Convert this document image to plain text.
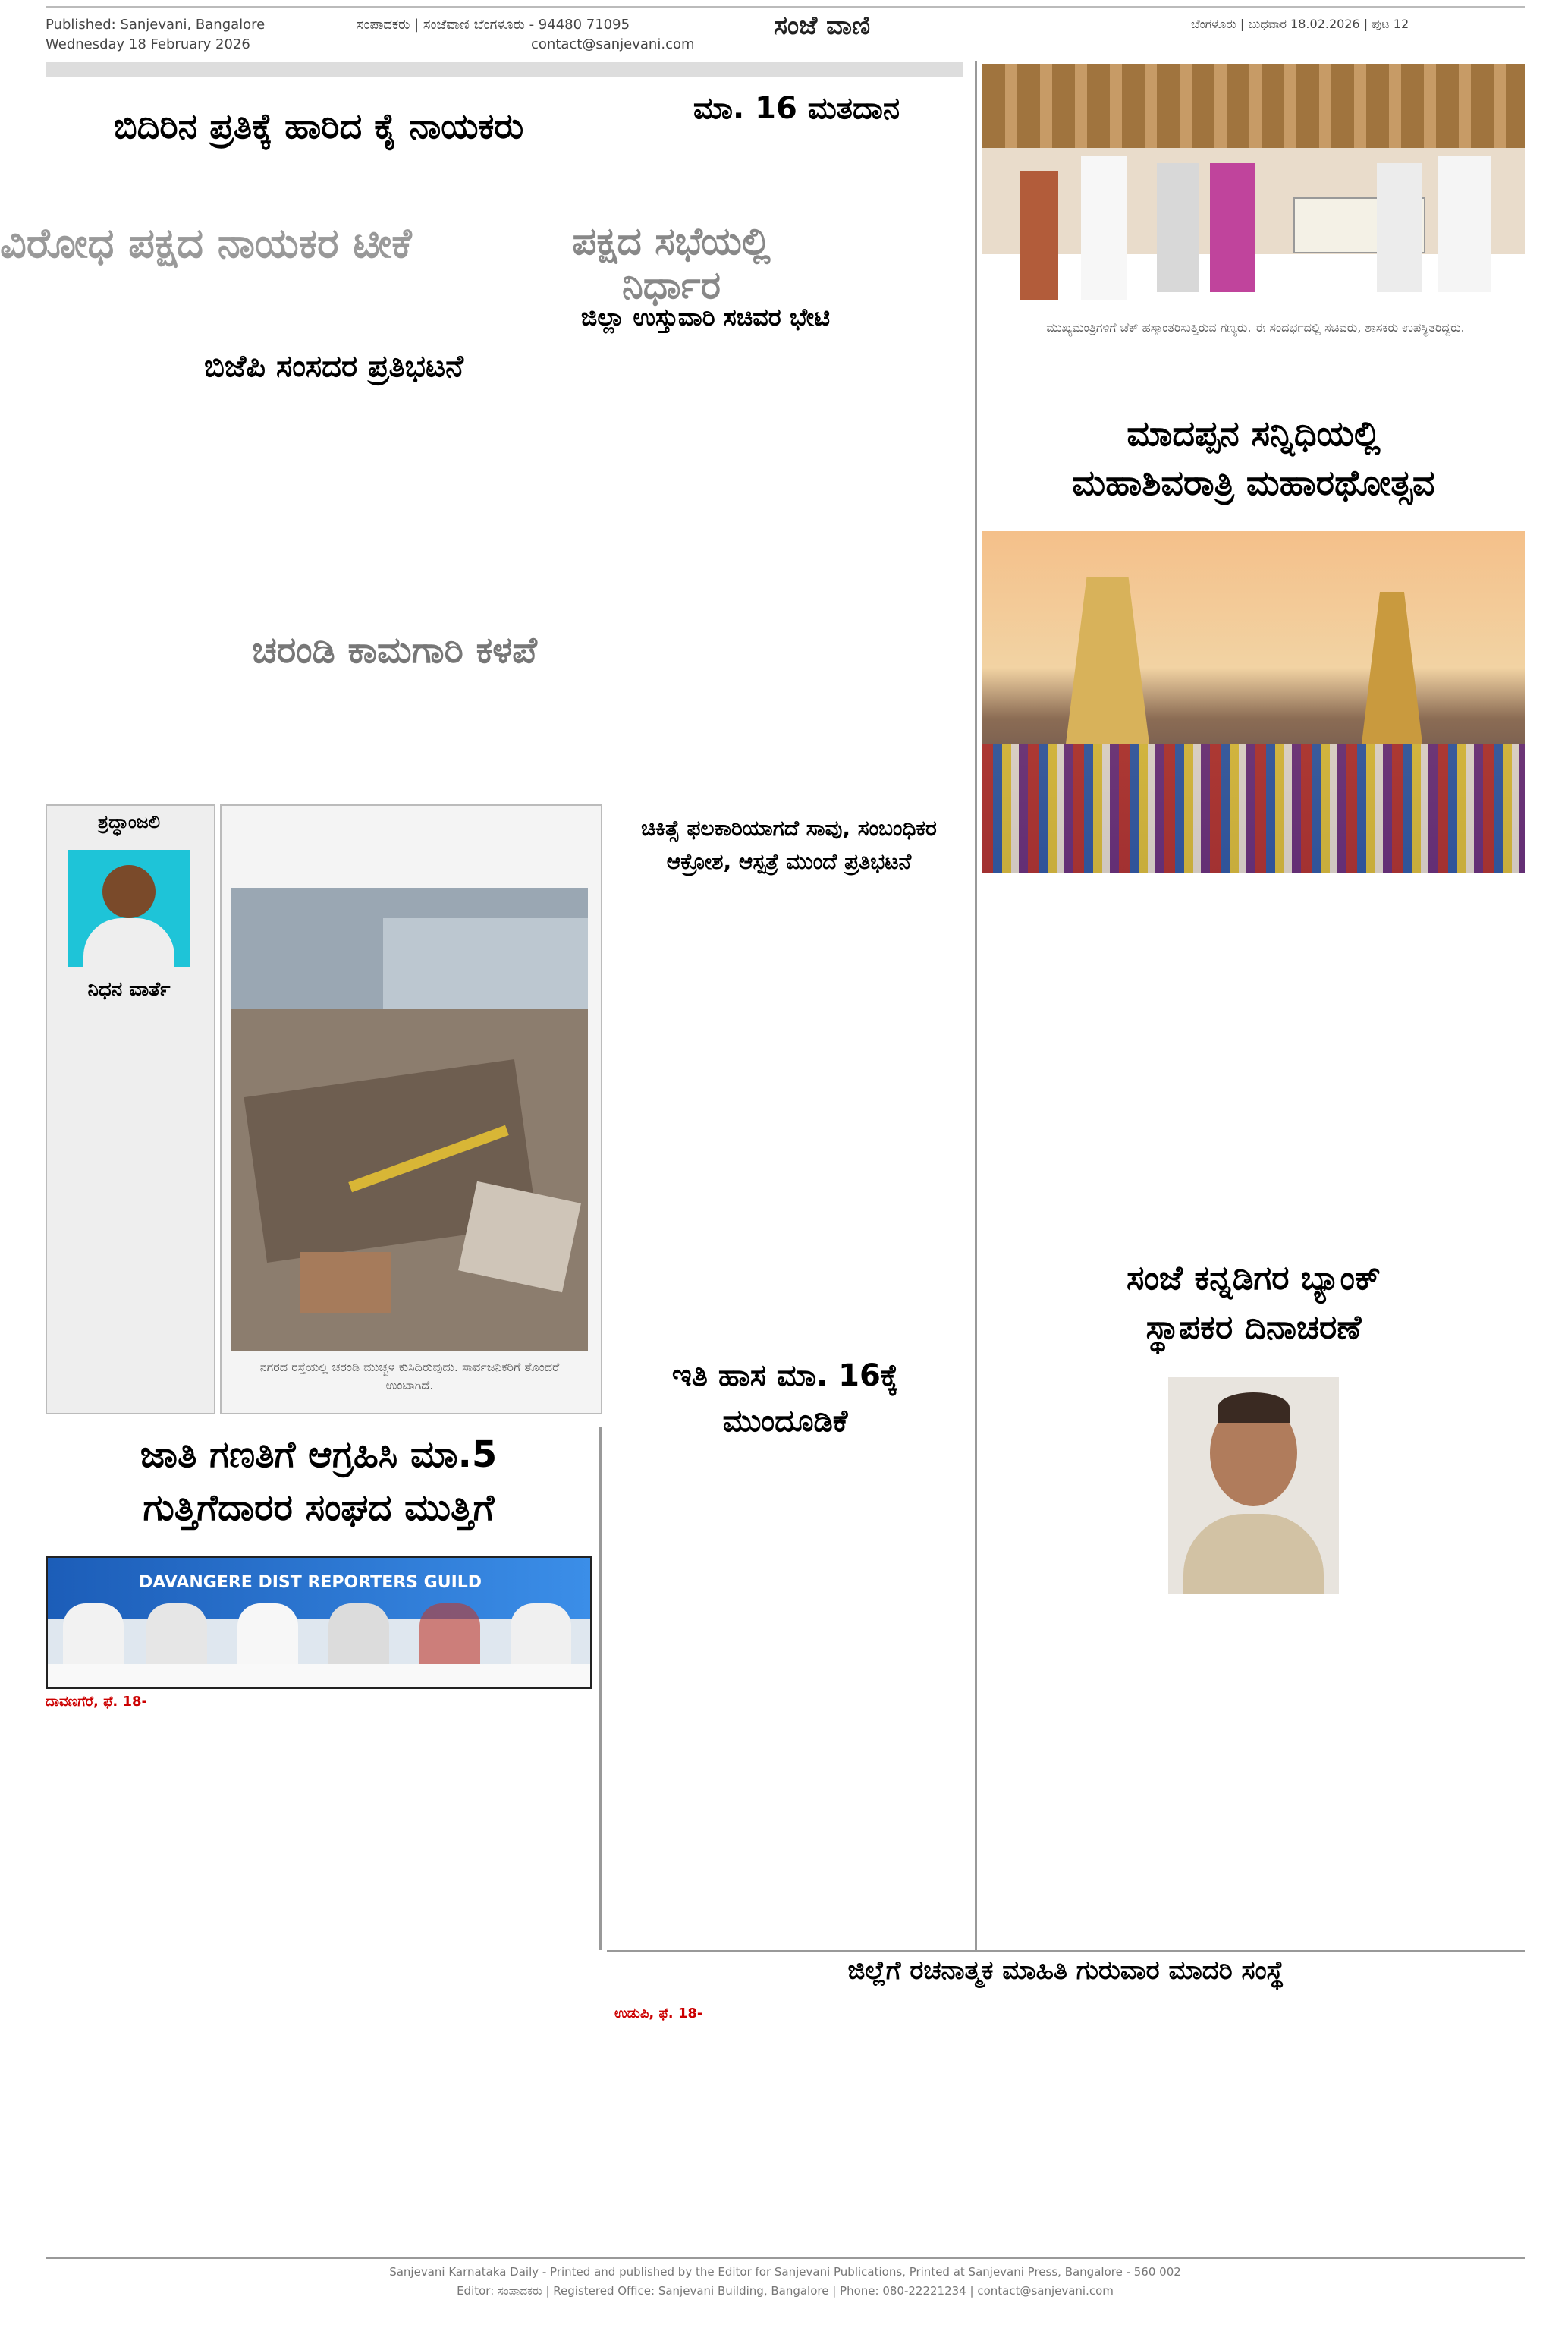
Published: Sanjevani, Bangalore
Wednesday 18 February 2026
ಸಂಪಾದಕರು | ಸಂಜೆವಾಣಿ ಬೆಂಗಳೂರು - 94480 71095
contact@sanjevani.com
ಸಂಜೆ ವಾಣಿ	ಬೆಂಗಳೂರು | ಬುಧವಾರ 18.02.2026 | ಪುಟ 12
ಬಿದಿರಿನ ಪ್ರತಿಕ್ಕೆ ಹಾರಿದ ಕೈ ನಾಯಕರು	ಮಾ. 16 ಮತದಾನ
ವಿರೋಧ ಪಕ್ಷದ ನಾಯಕರ ಟೀಕೆ	ಪಕ್ಷದ ಸಭೆಯಲ್ಲಿ ನಿರ್ಧಾರ
ಜಿಲ್ಲಾ ಉಸ್ತುವಾರಿ ಸಚಿವರ ಭೇಟಿ
ಬಿಜೆಪಿ ಸಂಸದರ ಪ್ರತಿಭಟನೆ
ಚರಂಡಿ ಕಾಮಗಾರಿ ಕಳಪೆ
ಶ್ರದ್ಧಾಂಜಲಿ
ನಿಧನ ವಾರ್ತೆ
ನಗರದ ರಸ್ತೆಯಲ್ಲಿ ಚರಂಡಿ ಮುಚ್ಚಳ ಕುಸಿದಿರುವುದು. ಸಾರ್ವಜನಿಕರಿಗೆ ತೊಂದರೆ ಉಂಟಾಗಿದೆ.
ಚಿಕಿತ್ಸೆ ಫಲಕಾರಿಯಾಗದೆ ಸಾವು, ಸಂಬಂಧಿಕರ ಆಕ್ರೋಶ, ಆಸ್ಪತ್ರೆ ಮುಂದೆ ಪ್ರತಿಭಟನೆ
ಮುಖ್ಯಮಂತ್ರಿಗಳಿಗೆ ಚೆಕ್ ಹಸ್ತಾಂತರಿಸುತ್ತಿರುವ ಗಣ್ಯರು. ಈ ಸಂದರ್ಭದಲ್ಲಿ ಸಚಿವರು, ಶಾಸಕರು ಉಪಸ್ಥಿತರಿದ್ದರು.
ಮಾದಪ್ಪನ ಸನ್ನಿಧಿಯಲ್ಲಿ
ಮಹಾಶಿವರಾತ್ರಿ ಮಹಾರಥೋತ್ಸವ
ಸಂಜೆ ಕನ್ನಡಿಗರ ಬ್ಯಾಂಕ್
ಸ್ಥಾಪಕರ ದಿನಾಚರಣೆ
ಇತಿ ಹಾಸ ಮಾ. 16ಕ್ಕೆ
ಮುಂದೂಡಿಕೆ
ಜಾತಿ ಗಣತಿಗೆ ಆಗ್ರಹಿಸಿ ಮಾ.5
ಗುತ್ತಿಗೆದಾರರ ಸಂಘದ ಮುತ್ತಿಗೆ
DAVANGERE DIST REPORTERS GUILD
ದಾವಣಗೆರೆ, ಫೆ. 18-
ಜಿಲ್ಲೆಗೆ ರಚನಾತ್ಮಕ ಮಾಹಿತಿ ಗುರುವಾರ ಮಾದರಿ ಸಂಸ್ಥೆ
ಉಡುಪಿ, ಫೆ. 18-
Sanjevani Karnataka Daily - Printed and published by the Editor for Sanjevani Publications, Printed at Sanjevani Press, Bangalore - 560 002
Editor: ಸಂಪಾದಕರು | Registered Office: Sanjevani Building, Bangalore | Phone: 080-22221234 | contact@sanjevani.com
